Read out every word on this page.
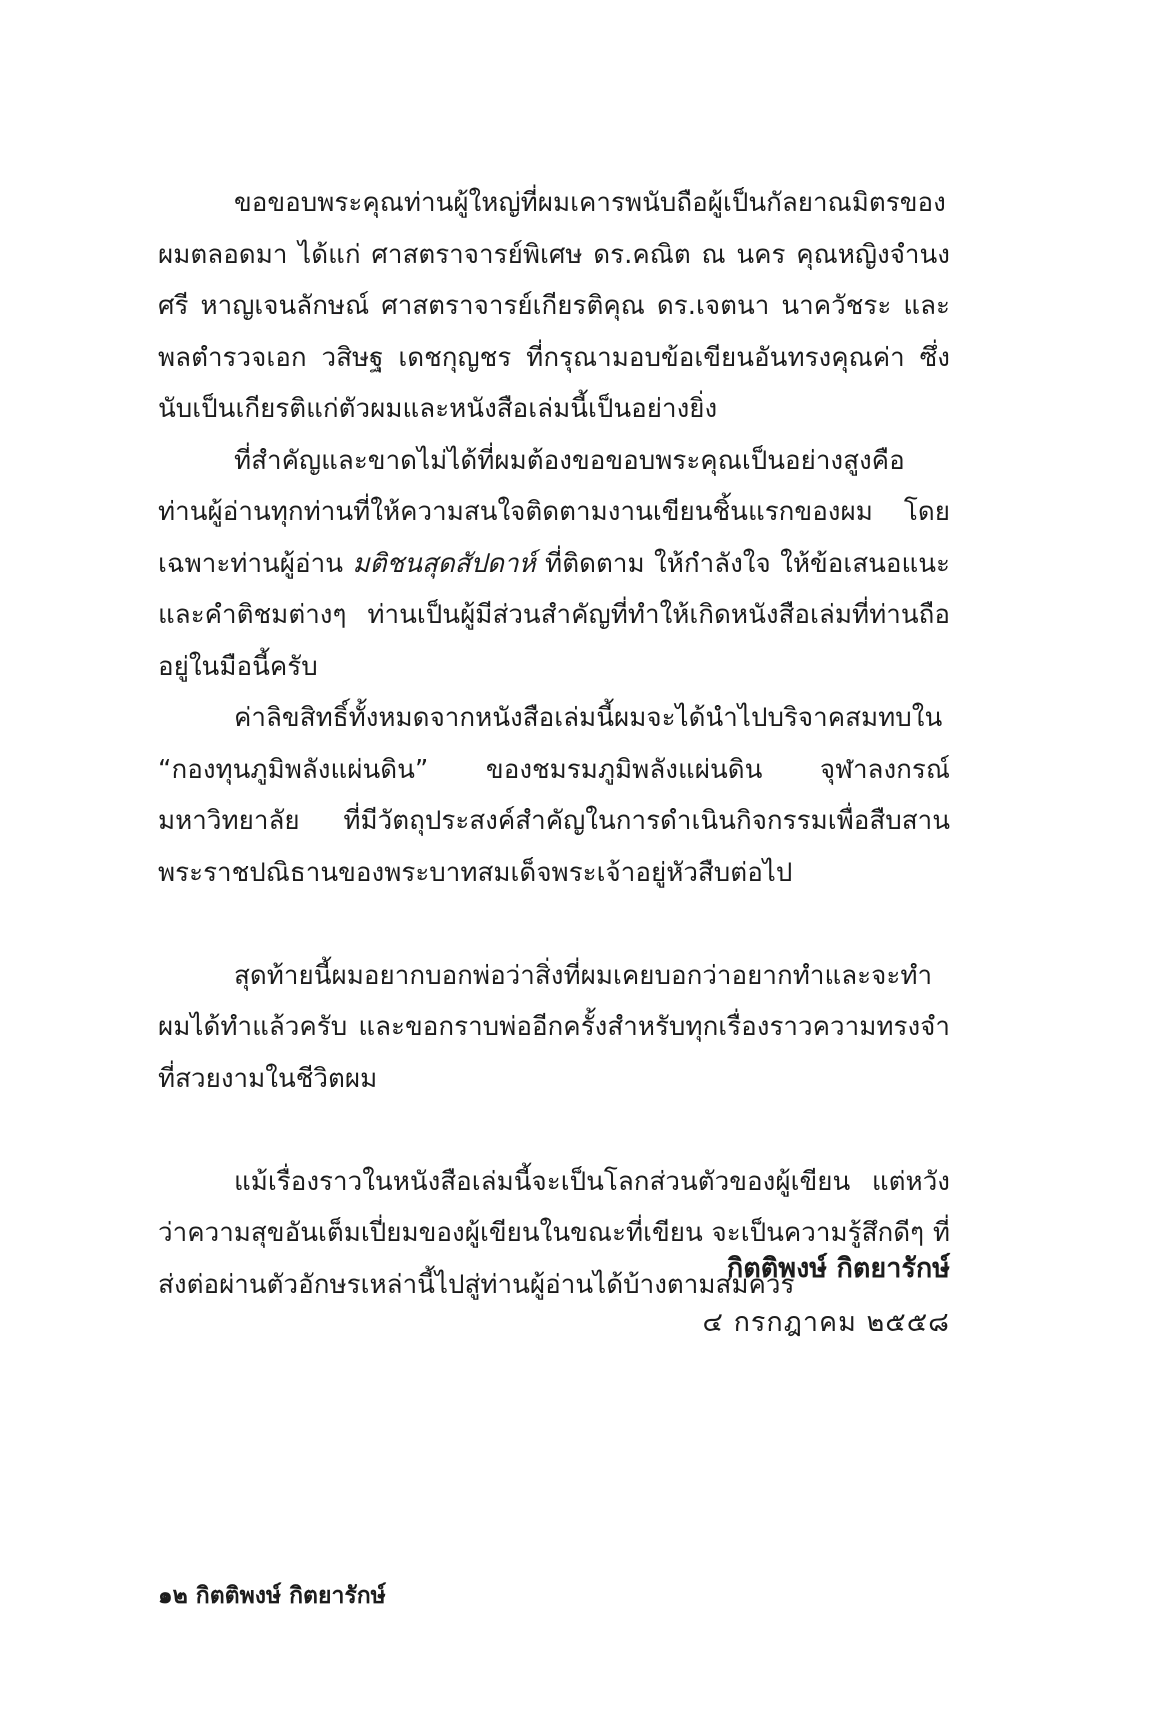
ขอขอบพระคุณท่านผู้ใหญ่ที่ผมเคารพนับถือผู้เป็นกัลยาณมิตรของผมตลอดมา ได้แก่ ศาสตราจารย์พิเศษ ดร.คณิต ณ นคร คุณหญิงจำนงศรี หาญเจนลักษณ์ ศาสตราจารย์เกียรติคุณ ดร.เจตนา นาควัชระ และ พลตำรวจเอก วสิษฐ เดชกุญชร ที่กรุณามอบข้อเขียนอันทรงคุณค่า ซึ่งนับเป็นเกียรติแก่ตัวผมและหนังสือเล่มนี้เป็นอย่างยิ่ง

ที่สำคัญและขาดไม่ได้ที่ผมต้องขอขอบพระคุณเป็นอย่างสูงคือท่านผู้อ่านทุกท่านที่ให้ความสนใจติดตามงานเขียนชิ้นแรกของผม โดยเฉพาะท่านผู้อ่าน มติชนสุดสัปดาห์ ที่ติดตาม ให้กำลังใจ ให้ข้อเสนอแนะและคำติชมต่างๆ ท่านเป็นผู้มีส่วนสำคัญที่ทำให้เกิดหนังสือเล่มที่ท่านถืออยู่ในมือนี้ครับ

ค่าลิขสิทธิ์ทั้งหมดจากหนังสือเล่มนี้ผมจะได้นำไปบริจาคสมทบใน “กองทุนภูมิพลังแผ่นดิน” ของชมรมภูมิพลังแผ่นดิน จุฬาลงกรณ์มหาวิทยาลัย ที่มีวัตถุประสงค์สำคัญในการดำเนินกิจกรรมเพื่อสืบสานพระราชปณิธานของพระบาทสมเด็จพระเจ้าอยู่หัวสืบต่อไป

สุดท้ายนี้ผมอยากบอกพ่อว่าสิ่งที่ผมเคยบอกว่าอยากทำและจะทำ ผมได้ทำแล้วครับ และขอกราบพ่ออีกครั้งสำหรับทุกเรื่องราวความทรงจำที่สวยงามในชีวิตผม

แม้เรื่องราวในหนังสือเล่มนี้จะเป็นโลกส่วนตัวของผู้เขียน แต่หวังว่าความสุขอันเต็มเปี่ยมของผู้เขียนในขณะที่เขียน จะเป็นความรู้สึกดีๆ ที่ส่งต่อผ่านตัวอักษรเหล่านี้ไปสู่ท่านผู้อ่านได้บ้างตามสมควร

กิตติพงษ์ กิตยารักษ์
๔ กรกฎาคม ๒๕๕๘
๑๒ กิตติพงษ์ กิตยารักษ์
